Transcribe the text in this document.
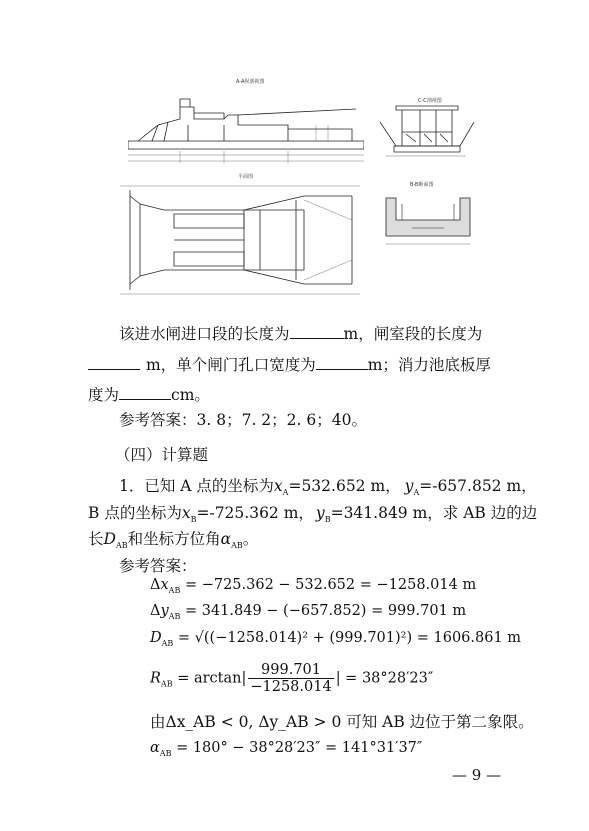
A-A纵剖视图
C-C剖视图
平面图
B-B断面图
该进水闸进口段的长度为	m，闸室段的长度为
m，单个闸门孔口宽度为	m；消力池底板厚
度为	cm。
参考答案：3. 8；7. 2；2. 6；40。
（四）计算题
1．已知 A 点的坐标为$x_A=532.652$ m， $y_A=-657.852$ m，
B 点的坐标为$x_B=-725.362$ m， $y_B=341.849$ m，求 AB 边的边
长$D_{AB}$和坐标方位角$\alpha_{AB}$。
参考答案：
$\Delta x_{AB} = -725.362 - 532.652 = -1258.014$ m
$\Delta y_{AB} = 341.849 - (-657.852) = 999.701$ m
$D_{AB} = √((-1258.014)^2 + (999.701)^2) = 1606.861$ m
$R_{AB} = \arctan| \frac{999.701}{-1258.014}$ | = 38°28′23″
由Δx_AB < 0, Δy_AB > 0 可知 AB 边位于第二象限。
$\alpha_{AB} = 180^\circ - 38^\circ 28'23'' = 141^\circ 31'37''$
— 9 —
